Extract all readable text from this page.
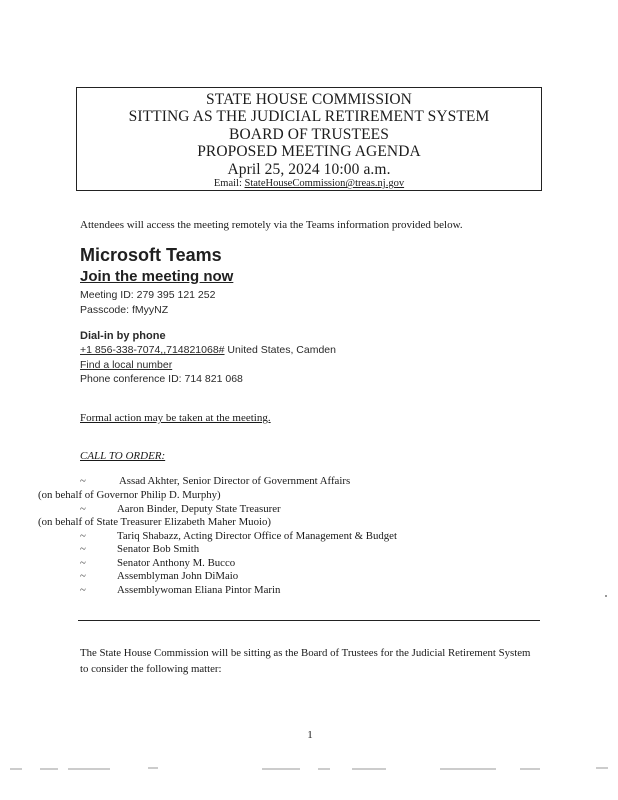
STATE HOUSE COMMISSION
SITTING AS THE JUDICIAL RETIREMENT SYSTEM
BOARD OF TRUSTEES
PROPOSED MEETING AGENDA
April 25, 2024 10:00 a.m.
Email: StateHouseCommission@treas.nj.gov
Attendees will access the meeting remotely via the Teams information provided below.
Microsoft Teams
Join the meeting now
Meeting ID: 279 395 121 252
Passcode: fMyyNZ
Dial-in by phone
+1 856-338-7074,,714821068# United States, Camden
Find a local number
Phone conference ID: 714 821 068
Formal action may be taken at the meeting.
CALL TO ORDER:
~	Assad Akhter, Senior Director of Government Affairs
(on behalf of Governor Philip D. Murphy)
~	Aaron Binder, Deputy State Treasurer
(on behalf of State Treasurer Elizabeth Maher Muoio)
~	Tariq Shabazz, Acting Director Office of Management & Budget
~	Senator Bob Smith
~	Senator Anthony M. Bucco
~	Assemblyman John DiMaio
~	Assemblywoman Eliana Pintor Marin
The State House Commission will be sitting as the Board of Trustees for the Judicial Retirement System to consider the following matter:
1
